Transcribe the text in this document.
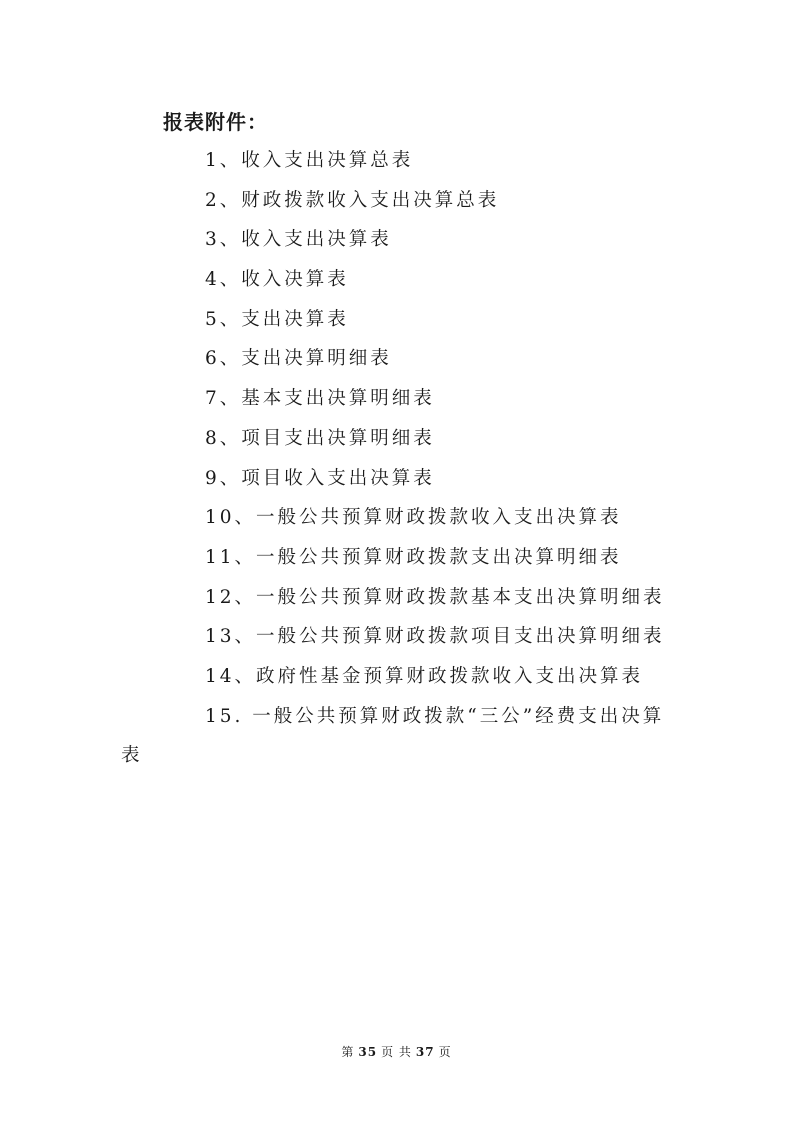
报表附件：
1、收入支出决算总表
2、财政拨款收入支出决算总表
3、收入支出决算表
4、收入决算表
5、支出决算表
6、支出决算明细表
7、基本支出决算明细表
8、项目支出决算明细表
9、项目收入支出决算表
10、一般公共预算财政拨款收入支出决算表
11、一般公共预算财政拨款支出决算明细表
12、一般公共预算财政拨款基本支出决算明细表
13、一般公共预算财政拨款项目支出决算明细表
14、政府性基金预算财政拨款收入支出决算表
15. 一般公共预算财政拨款“三公”经费支出决算
表
第 35 页 共 37 页
